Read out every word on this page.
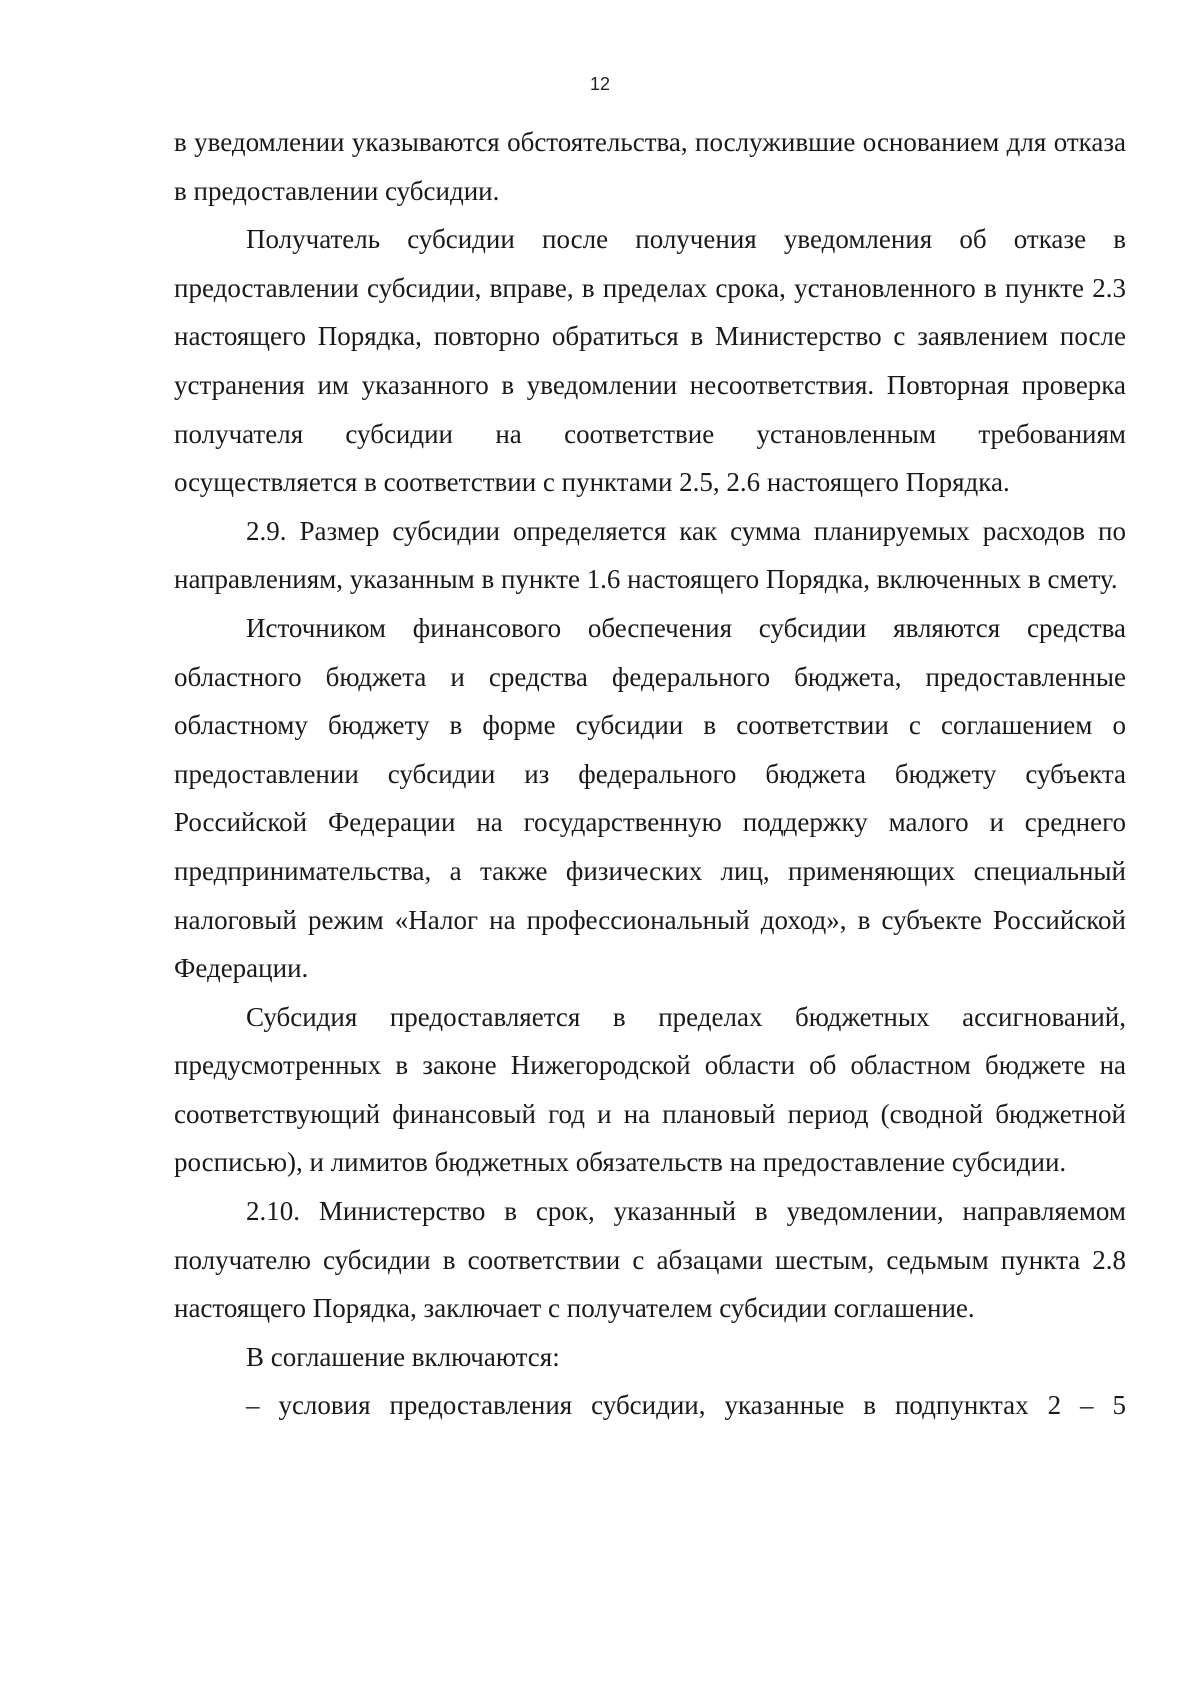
12

в уведомлении указываются обстоятельства, послужившие основанием для отказа в предоставлении субсидии.

Получатель субсидии после получения уведомления об отказе в предоставлении субсидии, вправе, в пределах срока, установленного в пункте 2.3 настоящего Порядка, повторно обратиться в Министерство с заявлением после устранения им указанного в уведомлении несоответствия. Повторная проверка получателя субсидии на соответствие установленным требованиям осуществляется в соответствии с пунктами 2.5, 2.6 настоящего Порядка.

2.9. Размер субсидии определяется как сумма планируемых расходов по направлениям, указанным в пункте 1.6 настоящего Порядка, включенных в смету.

Источником финансового обеспечения субсидии являются средства областного бюджета и средства федерального бюджета, предоставленные областному бюджету в форме субсидии в соответствии с соглашением о предоставлении субсидии из федерального бюджета бюджету субъекта Российской Федерации на государственную поддержку малого и среднего предпринимательства, а также физических лиц, применяющих специальный налоговый режим «Налог на профессиональный доход», в субъекте Российской Федерации.

Субсидия предоставляется в пределах бюджетных ассигнований, предусмотренных в законе Нижегородской области об областном бюджете на соответствующий финансовый год и на плановый период (сводной бюджетной росписью), и лимитов бюджетных обязательств на предоставление субсидии.

2.10. Министерство в срок, указанный в уведомлении, направляемом получателю субсидии в соответствии с абзацами шестым, седьмым пункта 2.8 настоящего Порядка, заключает с получателем субсидии соглашение.

В соглашение включаются:

– условия предоставления субсидии, указанные в подпунктах 2 – 5
